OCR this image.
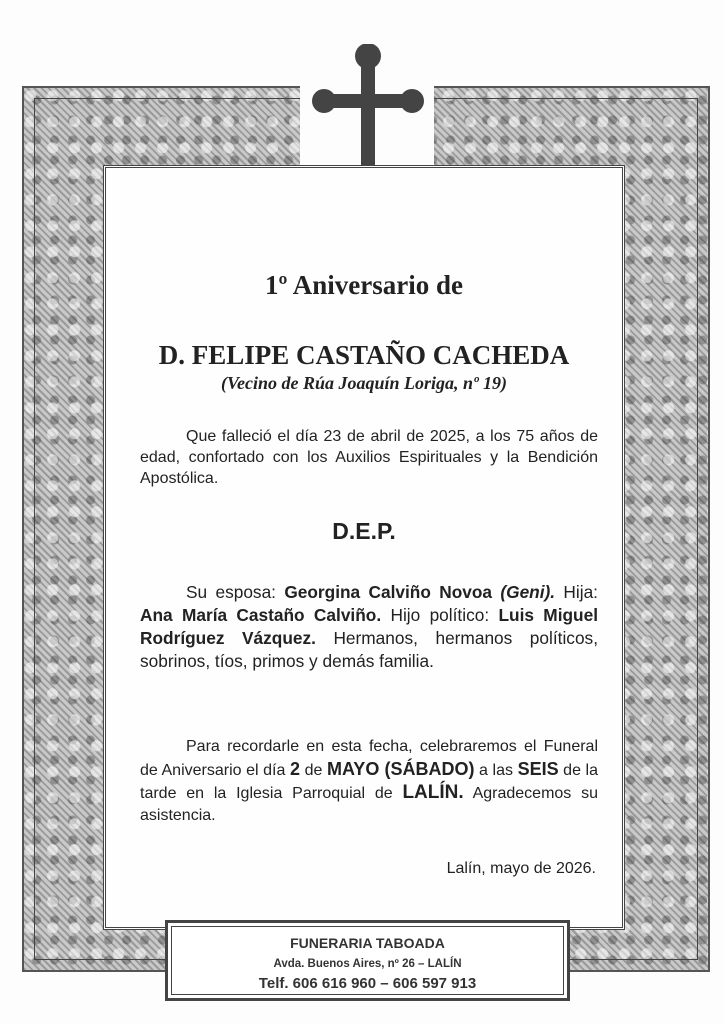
1º Aniversario de

D. FELIPE CASTAÑO CACHEDA

(Vecino de Rúa Joaquín Loriga, nº 19)

Que falleció el día 23 de abril de 2025, a los 75 años de edad, confortado con los Auxilios Espirituales y la Bendición Apostólica.

D.E.P.

Su esposa: Georgina Calviño Novoa (Geni). Hija: Ana María Castaño Calviño. Hijo político: Luis Miguel Rodríguez Vázquez. Hermanos, hermanos políticos, sobrinos, tíos, primos y demás familia.

Para recordarle en esta fecha, celebraremos el Funeral de Aniversario el día 2 de MAYO (SÁBADO) a las SEIS de la tarde en la Iglesia Parroquial de LALÍN. Agradecemos su asistencia.

Lalín, mayo de 2026.

FUNERARIA TABOADA
Avda. Buenos Aires, nº 26 – LALÍN
Telf. 606 616 960 – 606 597 913
